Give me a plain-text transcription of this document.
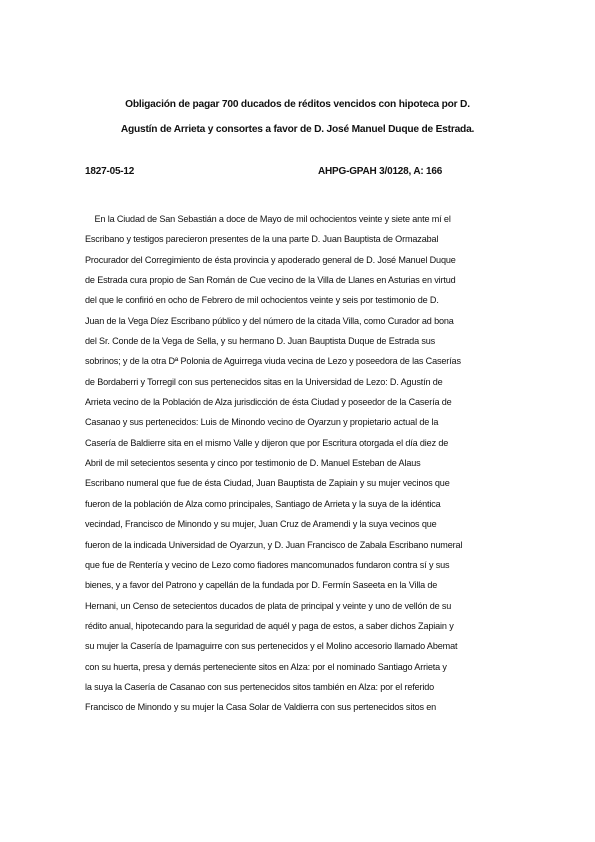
Obligación de pagar 700 ducados de réditos vencidos con hipoteca por D.
Agustín de Arrieta y consortes a favor de D. José Manuel Duque de Estrada.
1827-05-12	AHPG-GPAH 3/0128, A: 166
En la Ciudad de San Sebastián a doce de Mayo de mil ochocientos veinte y siete ante mí el
Escribano y testigos parecieron presentes de la una parte D. Juan Bauptista de Ormazabal
Procurador del Corregimiento de ésta provincia y apoderado general de D. José Manuel Duque
de Estrada cura propio de San Román de Cue vecino de la Villa de Llanes en Asturias en virtud
del que le confirió en ocho de Febrero de mil ochocientos veinte y seis por testimonio de D.
Juan de la Vega Díez Escribano público y del número de la citada Villa, como Curador ad bona
del Sr. Conde de la Vega de Sella, y su hermano D. Juan Bauptista Duque de Estrada sus
sobrinos; y de la otra Dª Polonia de Aguirrega viuda vecina de Lezo y poseedora de las Caserías
de Bordaberri y Torregil con sus pertenecidos sitas en la Universidad de Lezo: D. Agustín de
Arrieta vecino de la Población de Alza jurisdicción de ésta Ciudad y poseedor de la Casería de
Casanao y sus pertenecidos: Luis de Minondo vecino de Oyarzun y propietario actual de la
Casería de Baldierre sita en el mismo Valle y dijeron que por Escritura otorgada el día diez de
Abril de mil setecientos sesenta y cinco por testimonio de D. Manuel Esteban de Alaus
Escribano numeral que fue de ésta Ciudad, Juan Bauptista de Zapiain y su mujer vecinos que
fueron de la población de Alza como principales, Santiago de Arrieta y la suya de la idéntica
vecindad, Francisco de Minondo y su mujer, Juan Cruz de Aramendi y la suya vecinos que
fueron de la indicada Universidad de Oyarzun, y D. Juan Francisco de Zabala Escribano numeral
que fue de Rentería y vecino de Lezo como fiadores mancomunados fundaron contra sí y sus
bienes, y a favor del Patrono y capellán de la fundada por D. Fermín Saseeta en la Villa de
Hernani, un Censo de setecientos ducados de plata de principal y veinte y uno de vellón de su
rédito anual, hipotecando para la seguridad de aquél y paga de estos, a saber dichos Zapiain y
su mujer la Casería de Ipamaguirre con sus pertenecidos y el Molino accesorio llamado Abemat
con su huerta, presa y demás perteneciente sitos en Alza: por el nominado Santiago Arrieta y
la suya la Casería de Casanao con sus pertenecidos sitos también en Alza: por el referido
Francisco de Minondo y su mujer la Casa Solar de Valdierra con sus pertenecidos sitos en
